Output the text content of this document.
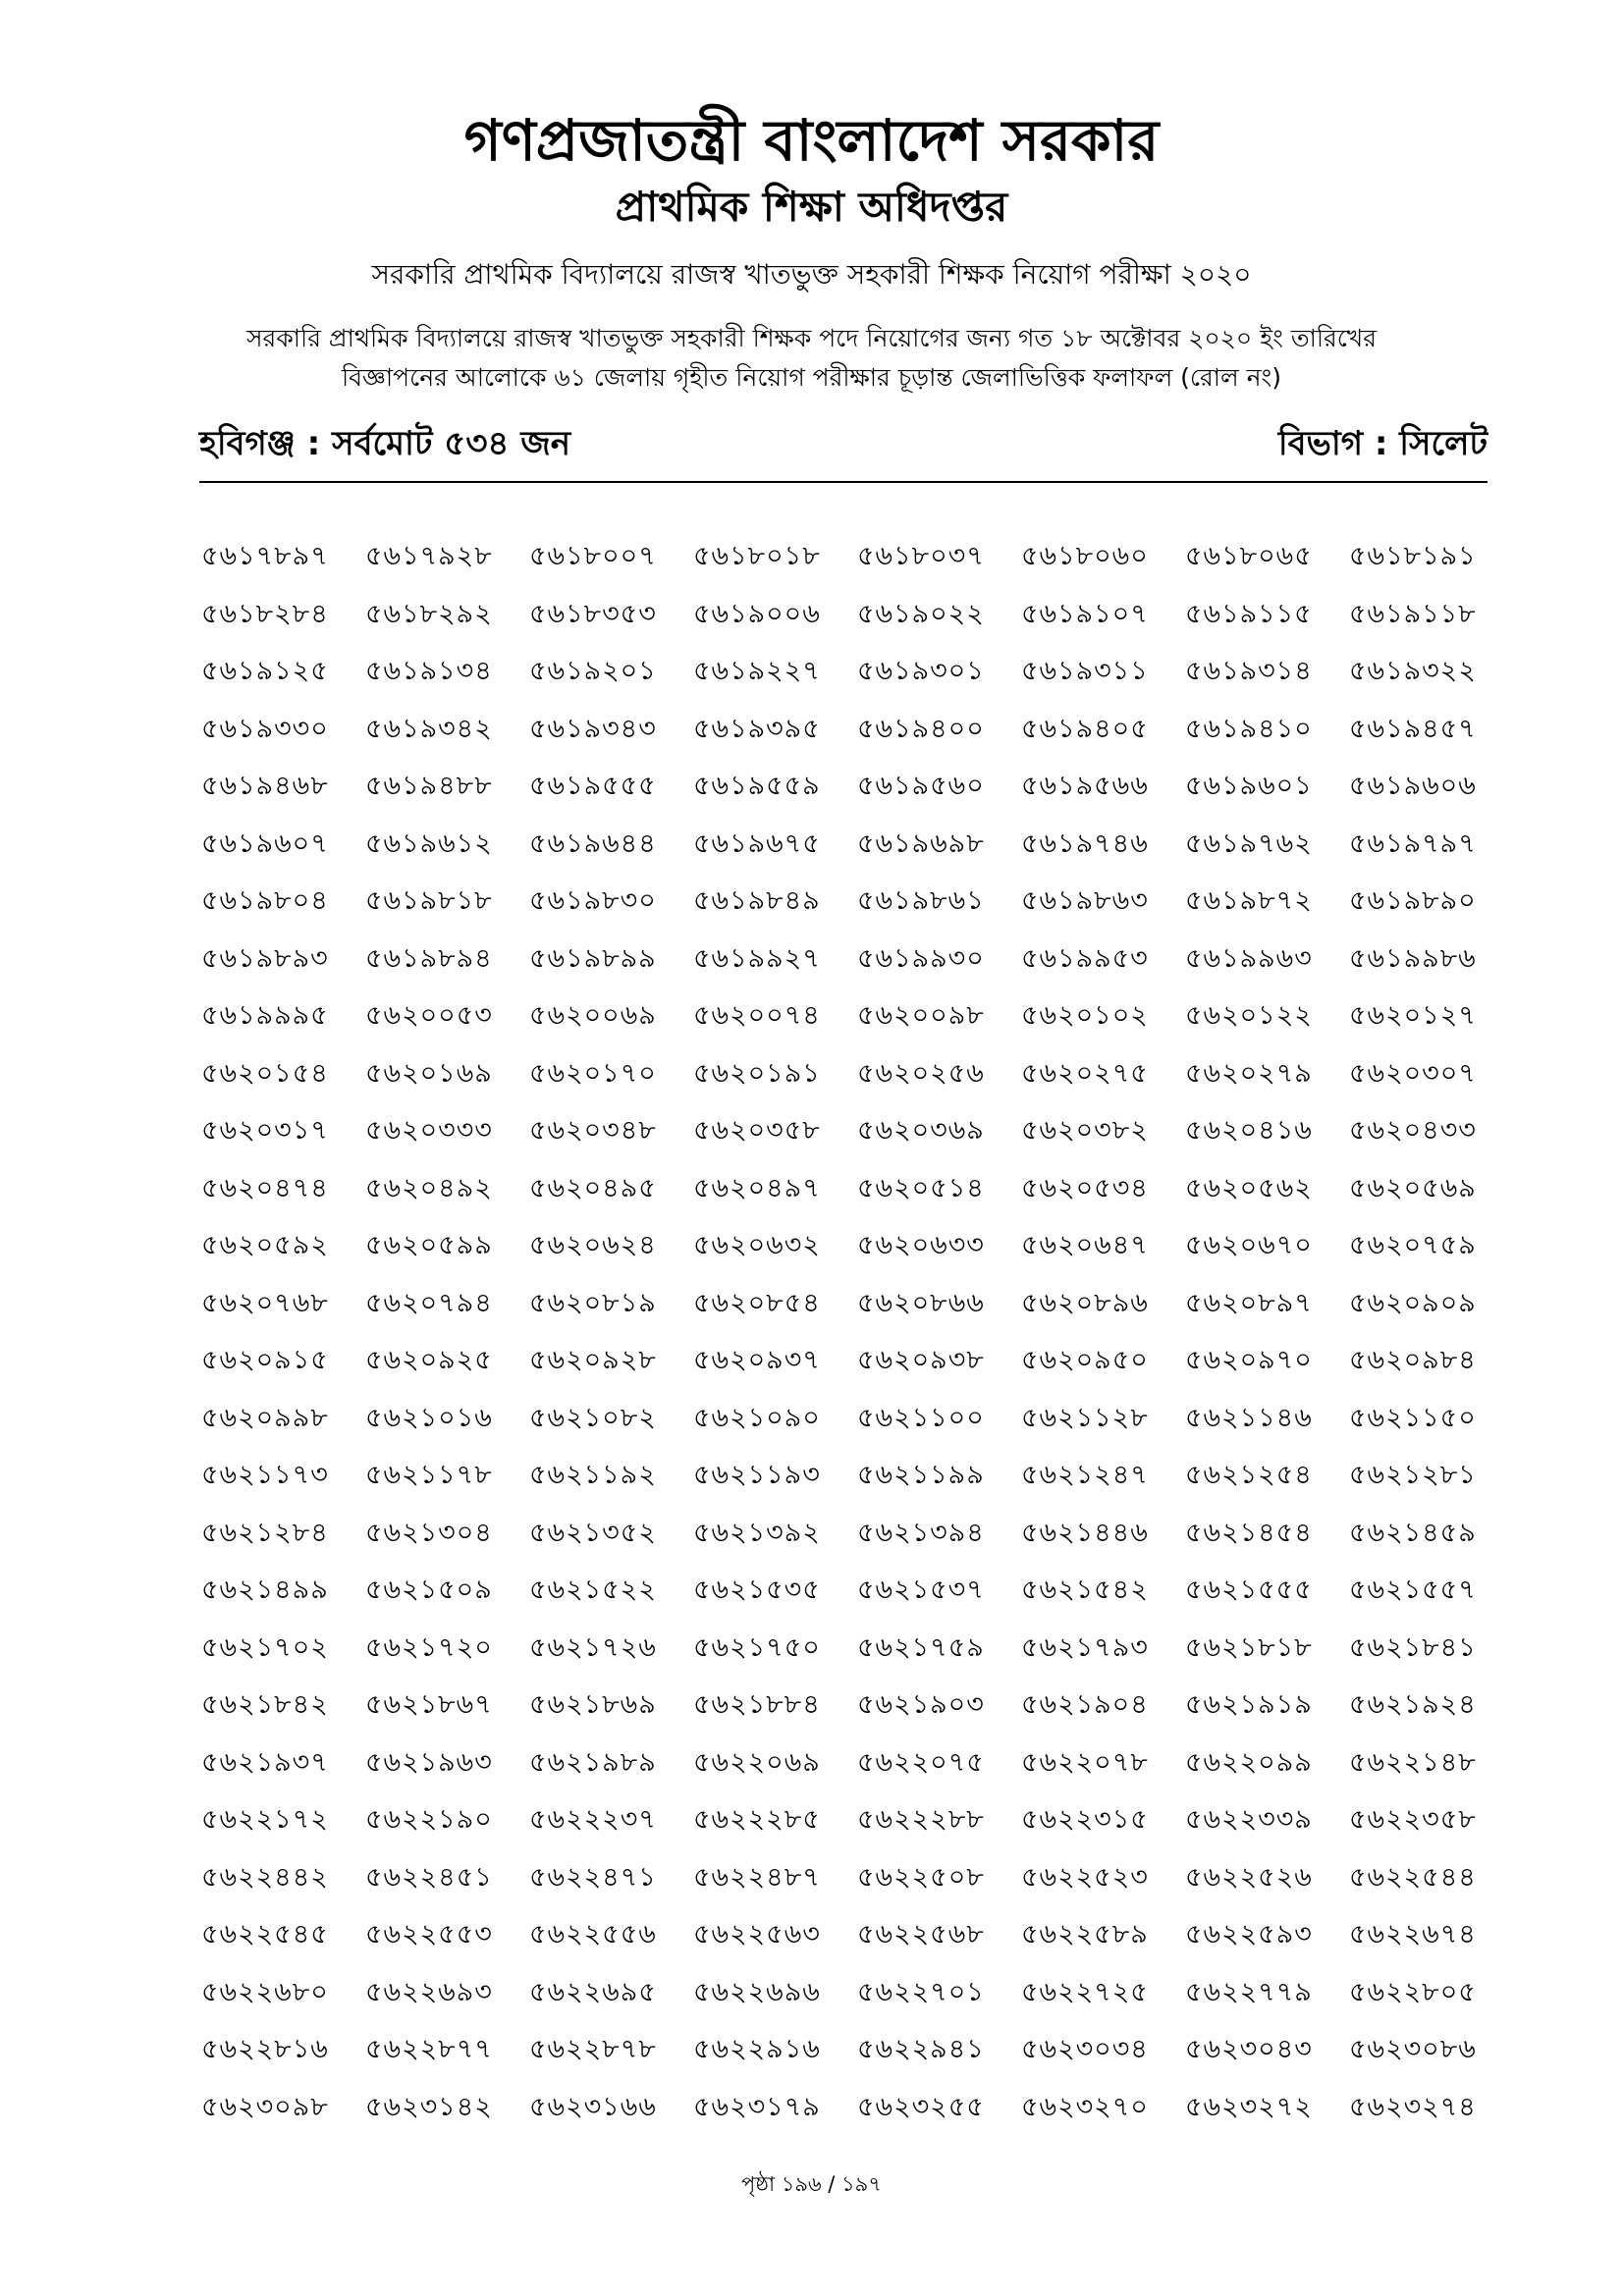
গণপ্রজাতন্ত্রী বাংলাদেশ সরকার
প্রাথমিক শিক্ষা অধিদপ্তর
সরকারি প্রাথমিক বিদ্যালয়ে রাজস্ব খাতভুক্ত সহকারী শিক্ষক নিয়োগ পরীক্ষা ২০২০
সরকারি প্রাথমিক বিদ্যালয়ে রাজস্ব খাতভুক্ত সহকারী শিক্ষক পদে নিয়োগের জন্য গত ১৮ অক্টোবর ২০২০ ইং তারিখের
বিজ্ঞাপনের আলোকে ৬১ জেলায় গৃহীত নিয়োগ পরীক্ষার চূড়ান্ত জেলাভিত্তিক ফলাফল (রোল নং)
হবিগঞ্জ : সর্বমোট ৫৩৪ জন	বিভাগ : সিলেট
৫৬১৭৮৯৭	৫৬১৭৯২৮	৫৬১৮০০৭	৫৬১৮০১৮	৫৬১৮০৩৭	৫৬১৮০৬০	৫৬১৮০৬৫	৫৬১৮১৯১
৫৬১৮২৮৪	৫৬১৮২৯২	৫৬১৮৩৫৩	৫৬১৯০০৬	৫৬১৯০২২	৫৬১৯১০৭	৫৬১৯১১৫	৫৬১৯১১৮
৫৬১৯১২৫	৫৬১৯১৩৪	৫৬১৯২০১	৫৬১৯২২৭	৫৬১৯৩০১	৫৬১৯৩১১	৫৬১৯৩১৪	৫৬১৯৩২২
৫৬১৯৩৩০	৫৬১৯৩৪২	৫৬১৯৩৪৩	৫৬১৯৩৯৫	৫৬১৯৪০০	৫৬১৯৪০৫	৫৬১৯৪১০	৫৬১৯৪৫৭
৫৬১৯৪৬৮	৫৬১৯৪৮৮	৫৬১৯৫৫৫	৫৬১৯৫৫৯	৫৬১৯৫৬০	৫৬১৯৫৬৬	৫৬১৯৬০১	৫৬১৯৬০৬
৫৬১৯৬০৭	৫৬১৯৬১২	৫৬১৯৬৪৪	৫৬১৯৬৭৫	৫৬১৯৬৯৮	৫৬১৯৭৪৬	৫৬১৯৭৬২	৫৬১৯৭৯৭
৫৬১৯৮০৪	৫৬১৯৮১৮	৫৬১৯৮৩০	৫৬১৯৮৪৯	৫৬১৯৮৬১	৫৬১৯৮৬৩	৫৬১৯৮৭২	৫৬১৯৮৯০
৫৬১৯৮৯৩	৫৬১৯৮৯৪	৫৬১৯৮৯৯	৫৬১৯৯২৭	৫৬১৯৯৩০	৫৬১৯৯৫৩	৫৬১৯৯৬৩	৫৬১৯৯৮৬
৫৬১৯৯৯৫	৫৬২০০৫৩	৫৬২০০৬৯	৫৬২০০৭৪	৫৬২০০৯৮	৫৬২০১০২	৫৬২০১২২	৫৬২০১২৭
৫৬২০১৫৪	৫৬২০১৬৯	৫৬২০১৭০	৫৬২০১৯১	৫৬২০২৫৬	৫৬২০২৭৫	৫৬২০২৭৯	৫৬২০৩০৭
৫৬২০৩১৭	৫৬২০৩৩৩	৫৬২০৩৪৮	৫৬২০৩৫৮	৫৬২০৩৬৯	৫৬২০৩৮২	৫৬২০৪১৬	৫৬২০৪৩৩
৫৬২০৪৭৪	৫৬২০৪৯২	৫৬২০৪৯৫	৫৬২০৪৯৭	৫৬২০৫১৪	৫৬২০৫৩৪	৫৬২০৫৬২	৫৬২০৫৬৯
৫৬২০৫৯২	৫৬২০৫৯৯	৫৬২০৬২৪	৫৬২০৬৩২	৫৬২০৬৩৩	৫৬২০৬৪৭	৫৬২০৬৭০	৫৬২০৭৫৯
৫৬২০৭৬৮	৫৬২০৭৯৪	৫৬২০৮১৯	৫৬২০৮৫৪	৫৬২০৮৬৬	৫৬২০৮৯৬	৫৬২০৮৯৭	৫৬২০৯০৯
৫৬২০৯১৫	৫৬২০৯২৫	৫৬২০৯২৮	৫৬২০৯৩৭	৫৬২০৯৩৮	৫৬২০৯৫০	৫৬২০৯৭০	৫৬২০৯৮৪
৫৬২০৯৯৮	৫৬২১০১৬	৫৬২১০৮২	৫৬২১০৯০	৫৬২১১০০	৫৬২১১২৮	৫৬২১১৪৬	৫৬২১১৫০
৫৬২১১৭৩	৫৬২১১৭৮	৫৬২১১৯২	৫৬২১১৯৩	৫৬২১১৯৯	৫৬২১২৪৭	৫৬২১২৫৪	৫৬২১২৮১
৫৬২১২৮৪	৫৬২১৩০৪	৫৬২১৩৫২	৫৬২১৩৯২	৫৬২১৩৯৪	৫৬২১৪৪৬	৫৬২১৪৫৪	৫৬২১৪৫৯
৫৬২১৪৯৯	৫৬২১৫০৯	৫৬২১৫২২	৫৬২১৫৩৫	৫৬২১৫৩৭	৫৬২১৫৪২	৫৬২১৫৫৫	৫৬২১৫৫৭
৫৬২১৭০২	৫৬২১৭২০	৫৬২১৭২৬	৫৬২১৭৫০	৫৬২১৭৫৯	৫৬২১৭৯৩	৫৬২১৮১৮	৫৬২১৮৪১
৫৬২১৮৪২	৫৬২১৮৬৭	৫৬২১৮৬৯	৫৬২১৮৮৪	৫৬২১৯০৩	৫৬২১৯০৪	৫৬২১৯১৯	৫৬২১৯২৪
৫৬২১৯৩৭	৫৬২১৯৬৩	৫৬২১৯৮৯	৫৬২২০৬৯	৫৬২২০৭৫	৫৬২২০৭৮	৫৬২২০৯৯	৫৬২২১৪৮
৫৬২২১৭২	৫৬২২১৯০	৫৬২২২৩৭	৫৬২২২৮৫	৫৬২২২৮৮	৫৬২২৩১৫	৫৬২২৩৩৯	৫৬২২৩৫৮
৫৬২২৪৪২	৫৬২২৪৫১	৫৬২২৪৭১	৫৬২২৪৮৭	৫৬২২৫০৮	৫৬২২৫২৩	৫৬২২৫২৬	৫৬২২৫৪৪
৫৬২২৫৪৫	৫৬২২৫৫৩	৫৬২২৫৫৬	৫৬২২৫৬৩	৫৬২২৫৬৮	৫৬২২৫৮৯	৫৬২২৫৯৩	৫৬২২৬৭৪
৫৬২২৬৮০	৫৬২২৬৯৩	৫৬২২৬৯৫	৫৬২২৬৯৬	৫৬২২৭০১	৫৬২২৭২৫	৫৬২২৭৭৯	৫৬২২৮০৫
৫৬২২৮১৬	৫৬২২৮৭৭	৫৬২২৮৭৮	৫৬২২৯১৬	৫৬২২৯৪১	৫৬২৩০৩৪	৫৬২৩০৪৩	৫৬২৩০৮৬
৫৬২৩০৯৮	৫৬২৩১৪২	৫৬২৩১৬৬	৫৬২৩১৭৯	৫৬২৩২৫৫	৫৬২৩২৭০	৫৬২৩২৭২	৫৬২৩২৭৪
পৃষ্ঠা ১৯৬ / ১৯৭
